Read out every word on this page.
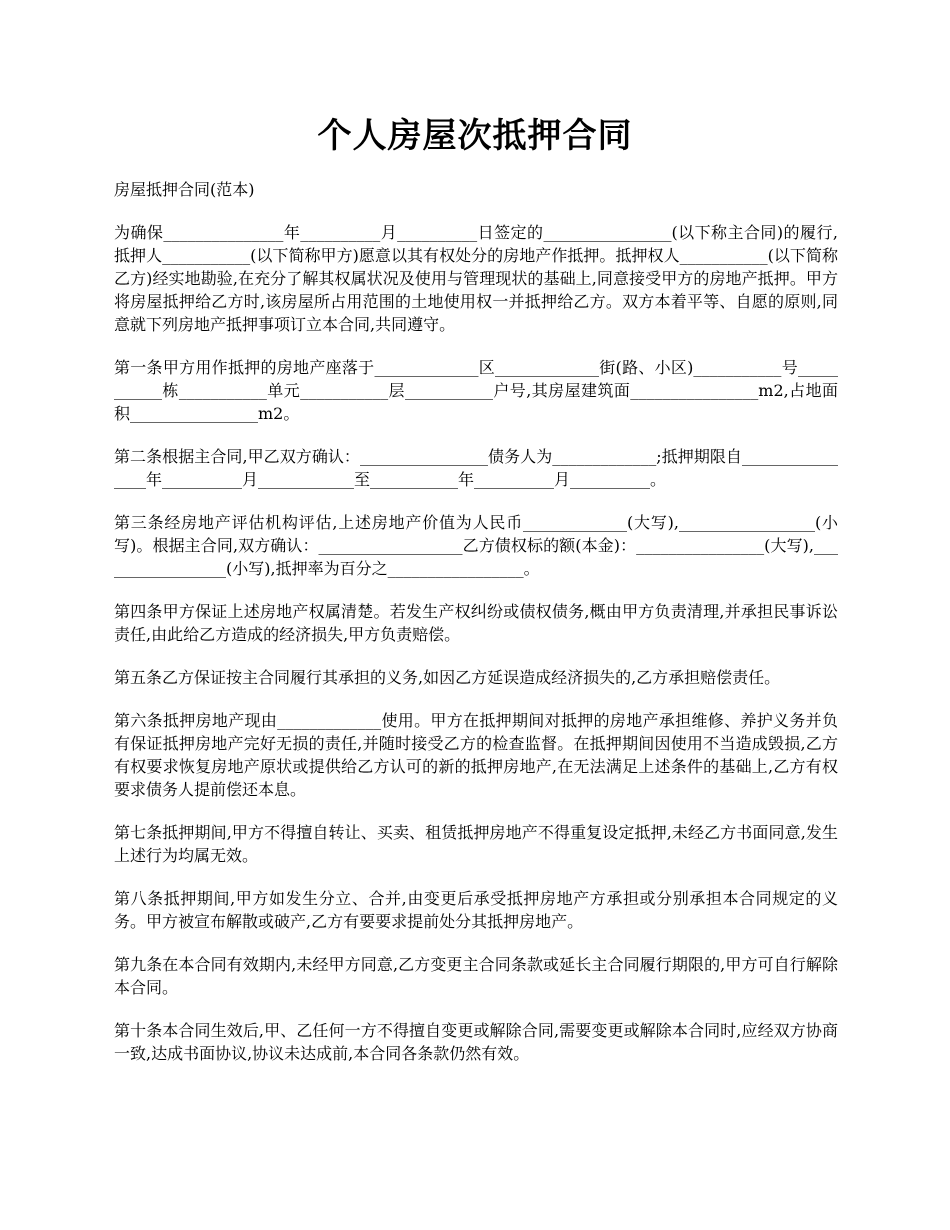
个人房屋次抵押合同

房屋抵押合同(范本)

为确保_______________年__________月__________日签定的________________(以下称主合同)的履行,抵押人___________(以下简称甲方)愿意以其有权处分的房地产作抵押。抵押权人___________(以下简称乙方)经实地勘验,在充分了解其权属状况及使用与管理现状的基础上,同意接受甲方的房地产抵押。甲方将房屋抵押给乙方时,该房屋所占用范围的土地使用权一并抵押给乙方。双方本着平等、自愿的原则,同意就下列房地产抵押事项订立本合同,共同遵守。

第一条甲方用作抵押的房地产座落于_____________区_____________街(路、小区)___________号___________栋___________单元___________层___________户号,其房屋建筑面________________m2,占地面积________________m2。

第二条根据主合同,甲乙双方确认：________________债务人为_____________;抵押期限自________________年__________月____________至___________年__________月__________。

第三条经房地产评估机构评估,上述房地产价值为人民币_____________(大写),_________________(小写)。根据主合同,双方确认：__________________乙方债权标的额(本金)：________________(大写),_________________(小写),抵押率为百分之_________________。

第四条甲方保证上述房地产权属清楚。若发生产权纠纷或债权债务,概由甲方负责清理,并承担民事诉讼责任,由此给乙方造成的经济损失,甲方负责赔偿。

第五条乙方保证按主合同履行其承担的义务,如因乙方延误造成经济损失的,乙方承担赔偿责任。

第六条抵押房地产现由_____________使用。甲方在抵押期间对抵押的房地产承担维修、养护义务并负有保证抵押房地产完好无损的责任,并随时接受乙方的检查监督。在抵押期间因使用不当造成毁损,乙方有权要求恢复房地产原状或提供给乙方认可的新的抵押房地产,在无法满足上述条件的基础上,乙方有权要求债务人提前偿还本息。

第七条抵押期间,甲方不得擅自转让、买卖、租赁抵押房地产不得重复设定抵押,未经乙方书面同意,发生上述行为均属无效。

第八条抵押期间,甲方如发生分立、合并,由变更后承受抵押房地产方承担或分别承担本合同规定的义务。甲方被宣布解散或破产,乙方有要要求提前处分其抵押房地产。

第九条在本合同有效期内,未经甲方同意,乙方变更主合同条款或延长主合同履行期限的,甲方可自行解除本合同。

第十条本合同生效后,甲、乙任何一方不得擅自变更或解除合同,需要变更或解除本合同时,应经双方协商一致,达成书面协议,协议未达成前,本合同各条款仍然有效。
